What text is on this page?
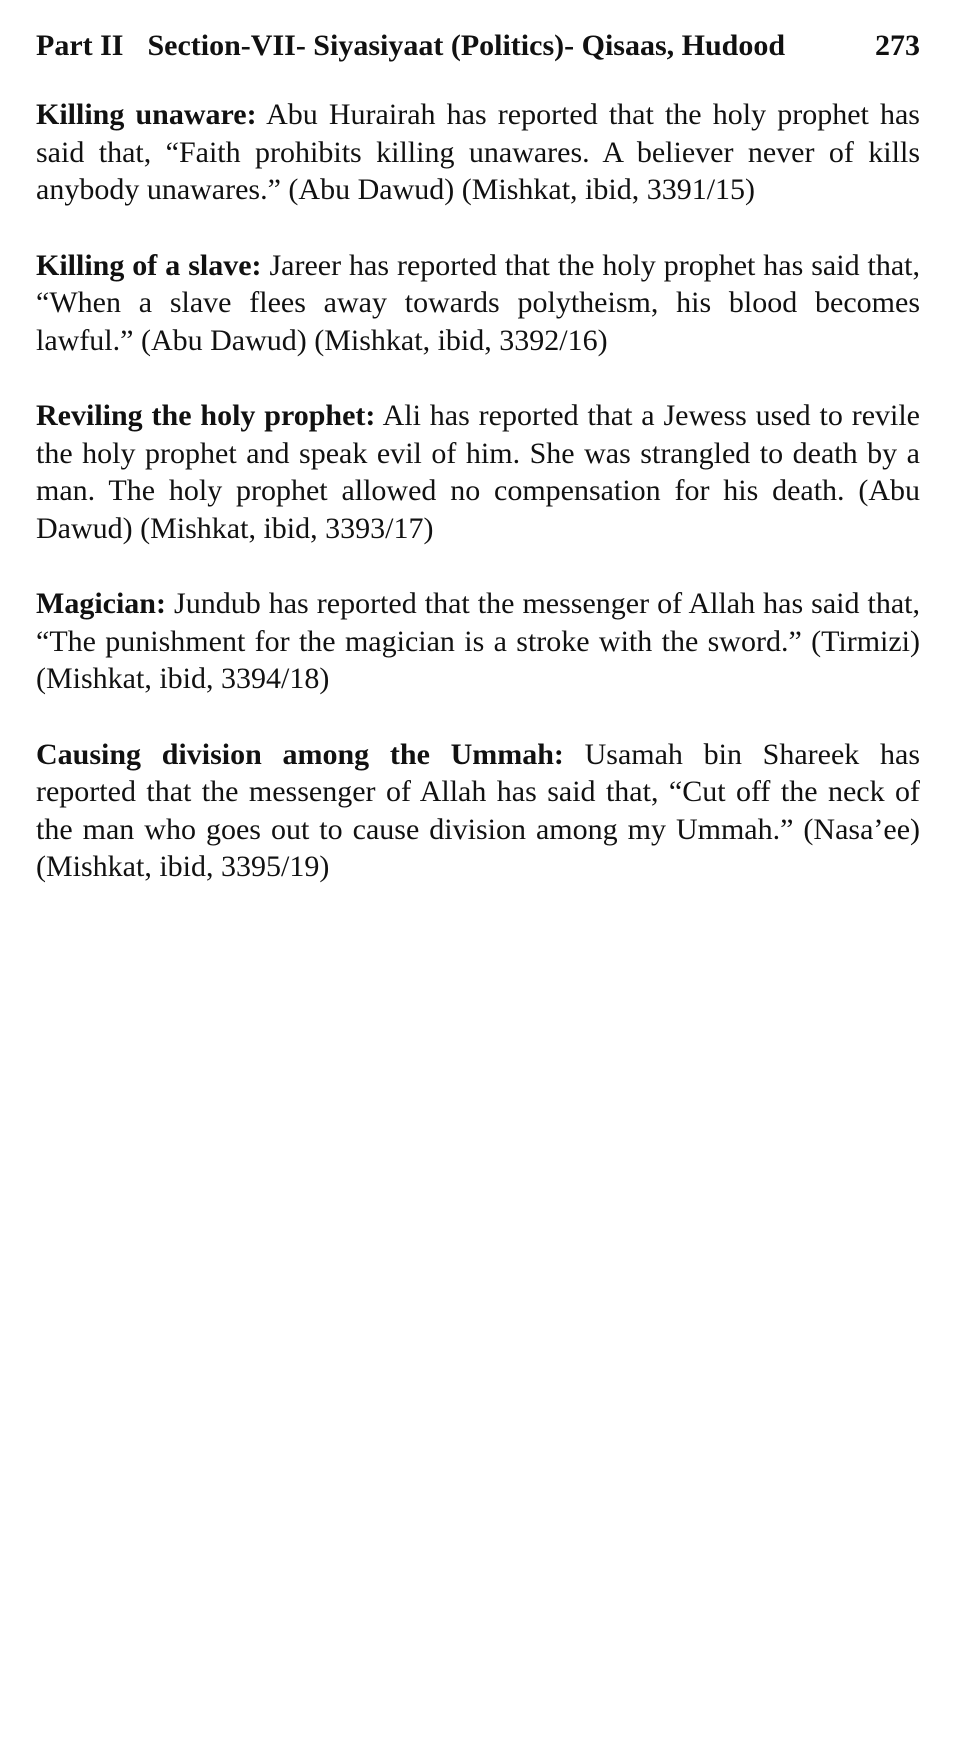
Part II Section-VII- Siyasiyaat (Politics)- Qisaas, Hudood	273

Killing unaware: Abu Hurairah has reported that the holy prophet has said that, “Faith prohibits killing unawares. A believer never of kills anybody unawares.” (Abu Dawud) (Mishkat, ibid, 3391/15)

Killing of a slave: Jareer has reported that the holy prophet has said that, “When a slave flees away towards polytheism, his blood becomes lawful.” (Abu Dawud) (Mishkat, ibid, 3392/16)

Reviling the holy prophet: Ali has reported that a Jewess used to revile the holy prophet and speak evil of him. She was strangled to death by a man. The holy prophet allowed no compensation for his death. (Abu Dawud) (Mishkat, ibid, 3393/17)

Magician: Jundub has reported that the messenger of Allah has said that, “The punishment for the magician is a stroke with the sword.” (Tirmizi) (Mishkat, ibid, 3394/18)

Causing division among the Ummah: Usamah bin Shareek has reported that the messenger of Allah has said that, “Cut off the neck of the man who goes out to cause division among my Ummah.” (Nasa’ee) (Mishkat, ibid, 3395/19)
